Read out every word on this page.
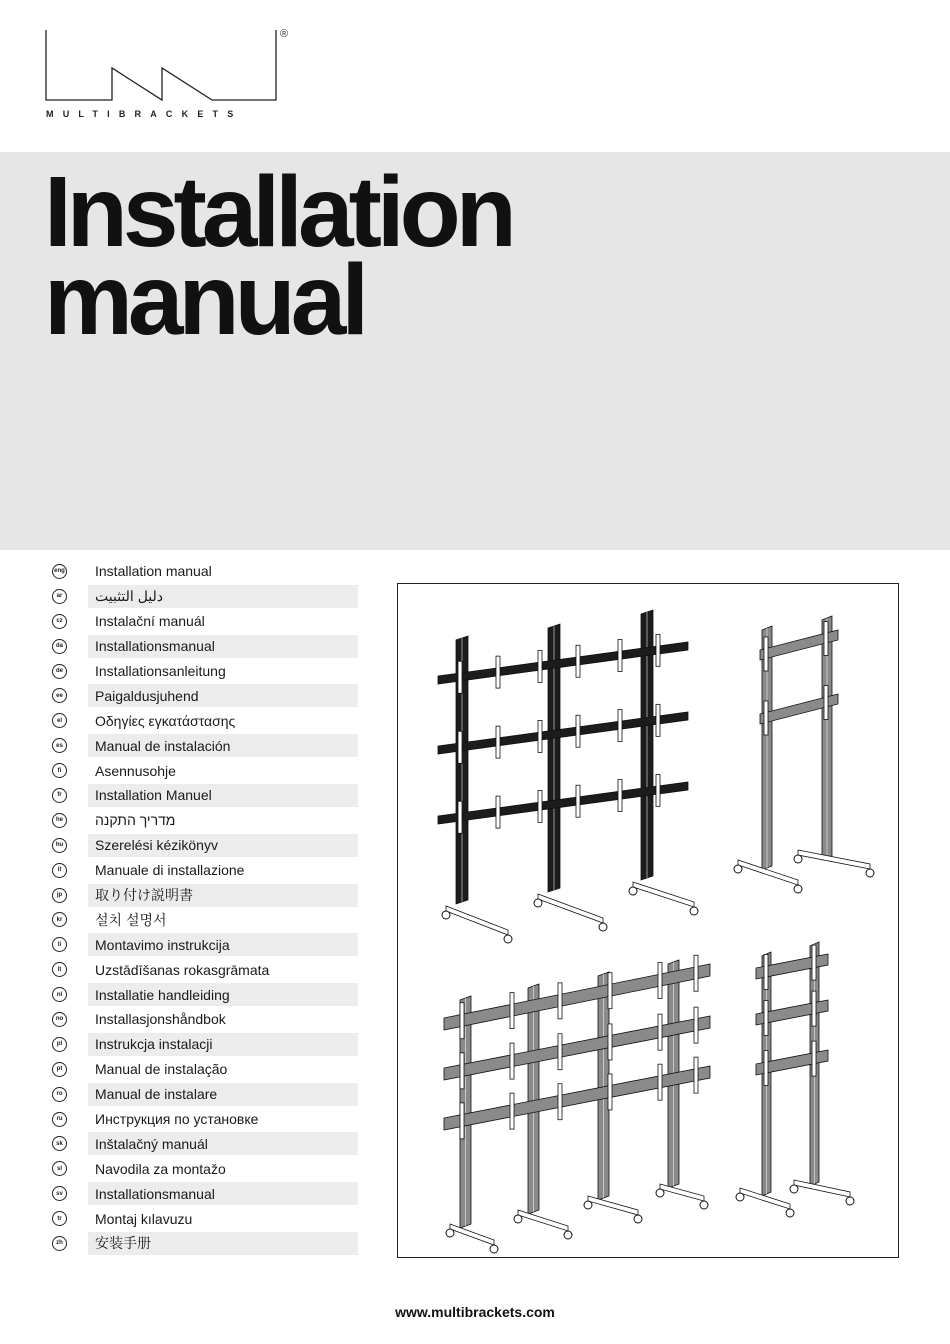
®
MULTIBRACKETS
Installation
manual
eng Installation manual
ar	دليل التثبيت
cz	Instalační manuál
da Installationsmanual
de Installationsanleitung
ee Paigaldusjuhend
el	Οδηγίες εγκατάστασης
es Manual de instalación
fi	Asennusohje
fr	Installation Manuel
he מדריך התקנה
hu Szerelési kézikönyv
it	Manuale di installazione
jp	取り付け説明書
kr	설치 설명서
li	Montavimo instrukcija
lt	Uzstādīšanas rokasgrāmata
nl	Installatie handleiding
no Installasjonshåndbok
pl	Instrukcja instalacji
pt	Manual de instalação
ro	Manual de instalare
ru	Инструкция по установке
sk Inštalačný manuál
sl	Navodila za montažo
sv Installationsmanual
tr	Montaj kılavuzu
zh 安装手册
www.multibrackets.com
